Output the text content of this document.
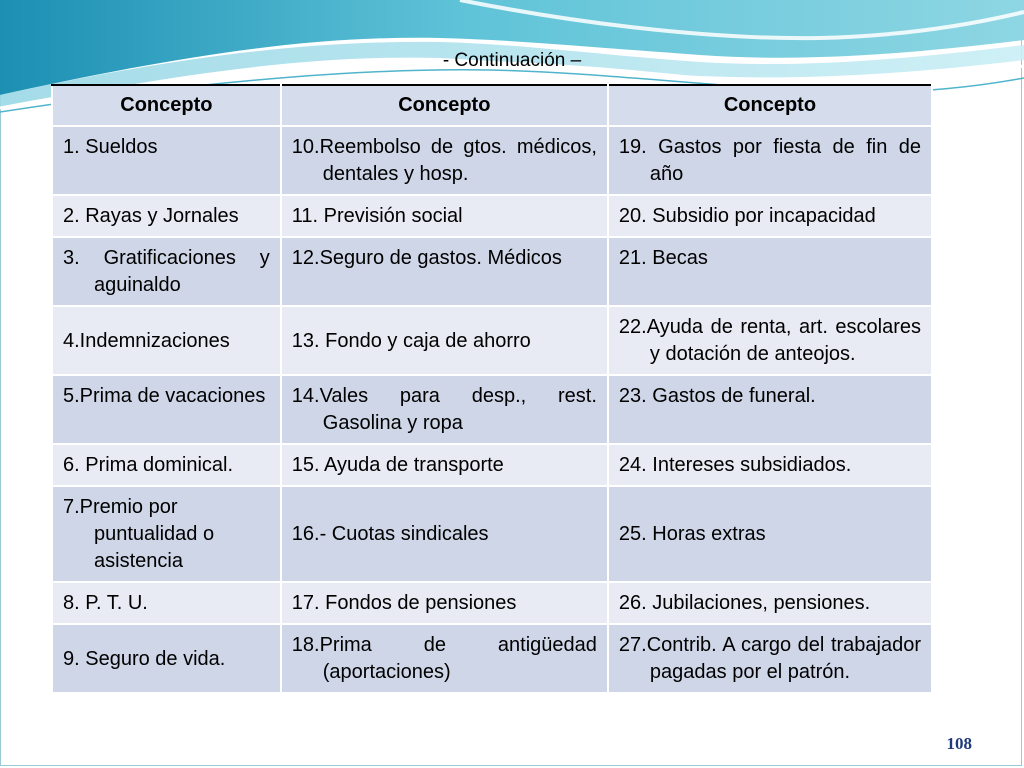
- Continuación –
Concepto	Concepto	Concepto

1. Sueldos	10.Reembolso de gtos. médicos, dentales y hosp.	19. Gastos por fiesta de fin de año

2. Rayas y Jornales	11. Previsión social	20. Subsidio por incapacidad

3. Gratificaciones y aguinaldo	12.Seguro de gastos. Médicos	21. Becas

4.Indemnizaciones	13. Fondo y caja de ahorro	22.Ayuda de renta, art. escolares y dotación de anteojos.

5.Prima de vacaciones	14.Vales para desp., rest. Gasolina y ropa	23. Gastos de funeral.

6. Prima dominical.	15. Ayuda de transporte	24. Intereses subsidiados.

7.Premio por puntualidad o asistencia	16.- Cuotas sindicales	25. Horas extras

8. P. T. U.	17. Fondos de pensiones	26. Jubilaciones, pensiones.

9. Seguro de vida.	18.Prima de antigüedad (aportaciones)	27.Contrib. A cargo del trabajador pagadas por el patrón.
108
